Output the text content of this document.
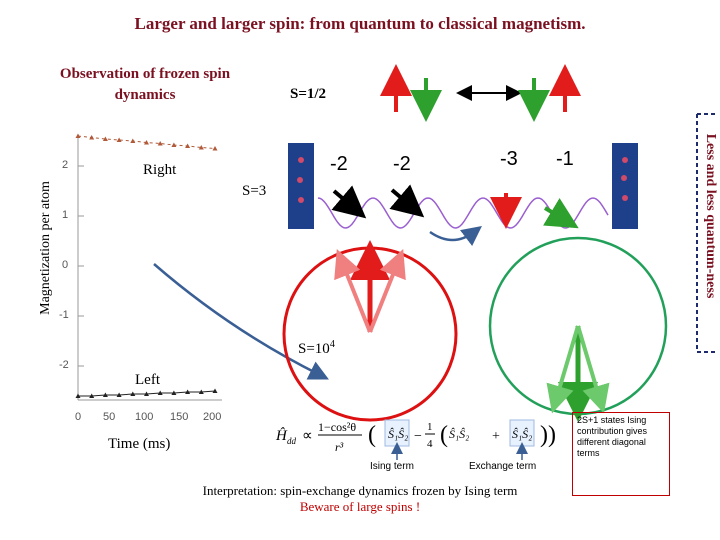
Larger and larger spin: from quantum to classical magnetism.
Observation of frozen spin
dynamics	S=1/2
Ĥ dd ∝
1−cos²θ
r³ ( Ŝ₁Ŝ₂ −
1
4 ( Ŝ₁Ŝ₂ + Ŝ₁Ŝ₂ ))
2
1
0
-1
-2
0 50 100 150 200
Magnetization per atom
Time (ms)
Right
Left
S=3
-2 -2	-3 -1
$S=10^4$
Ising term	Exchange term
Interpretation: spin-exchange dynamics frozen by Ising term
Beware of large spins !
2S+1 states Ising contribution gives different diagonal terms
Less and less quantum-ness
